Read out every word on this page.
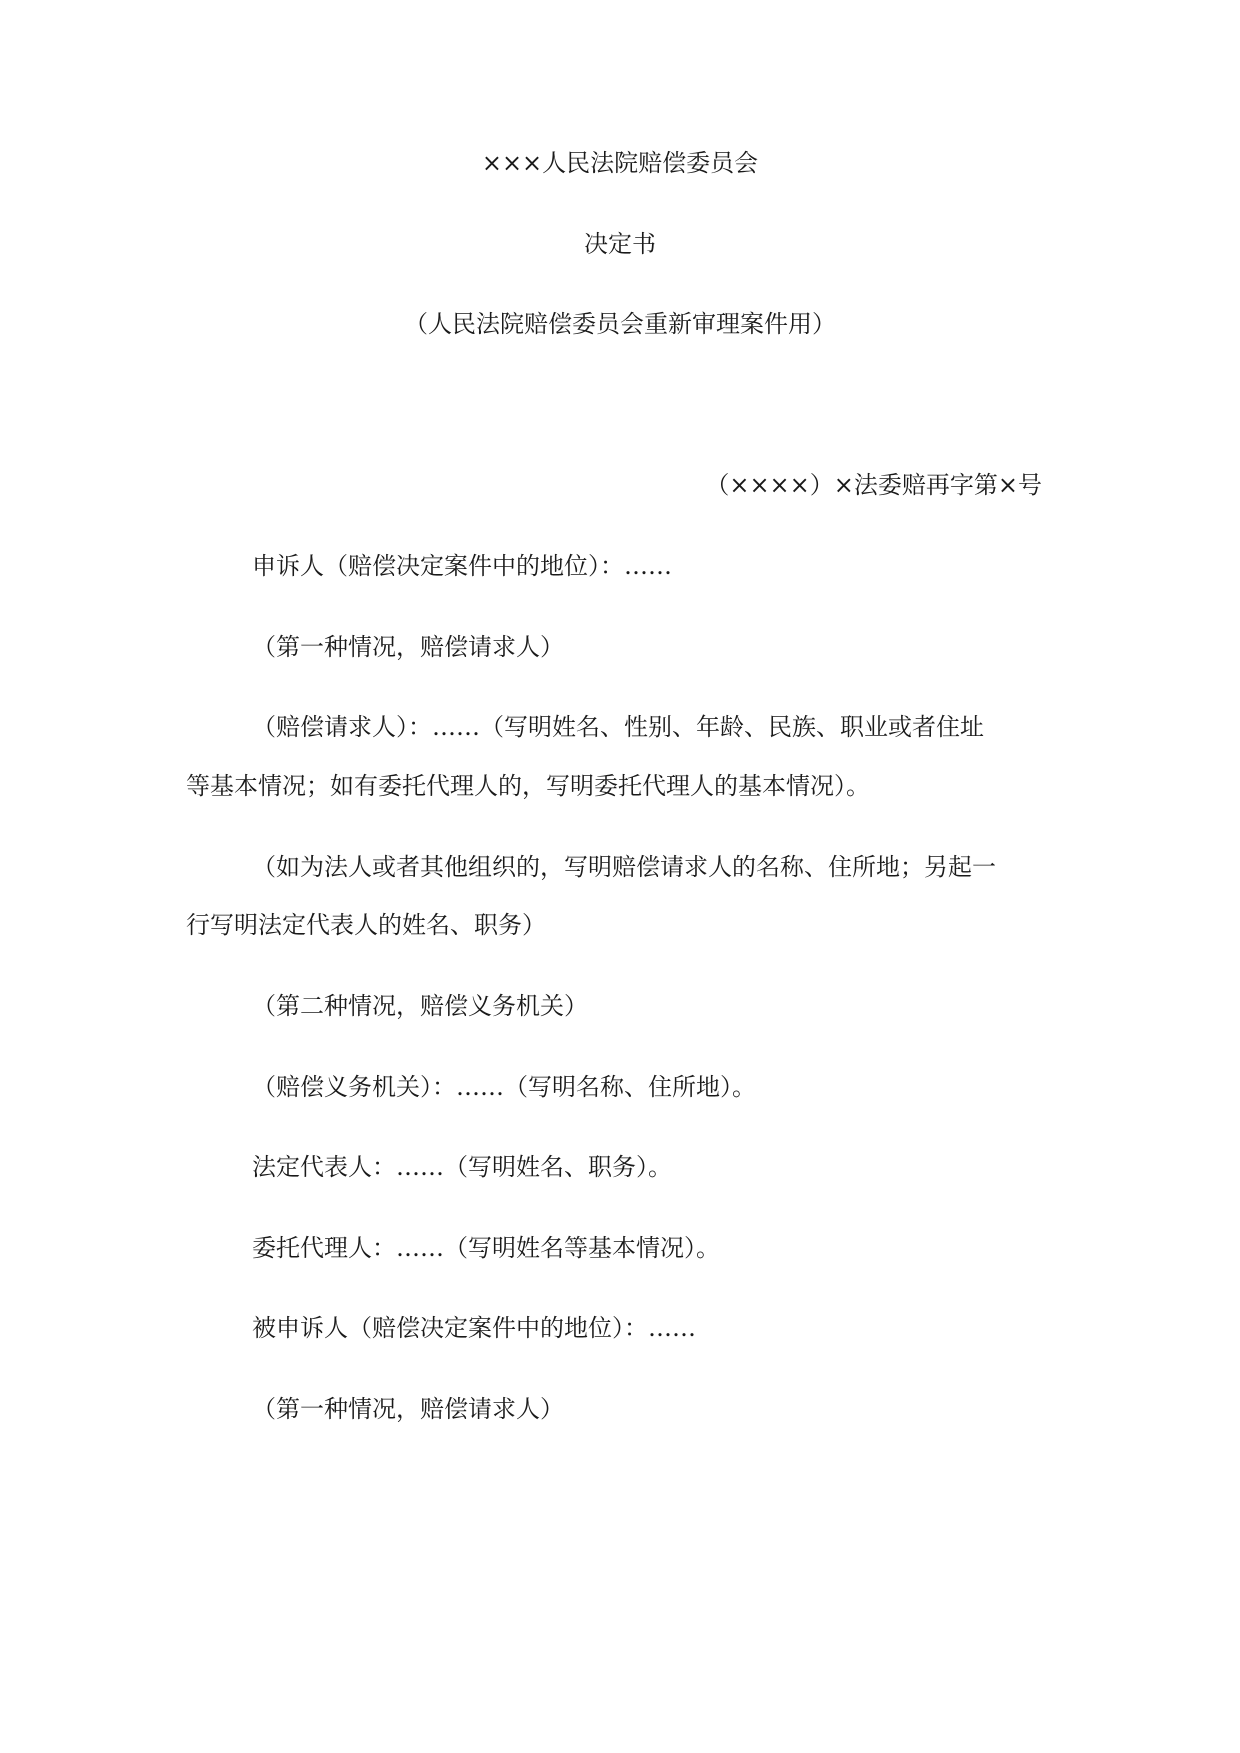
×××人民法院赔偿委员会
决定书
（人民法院赔偿委员会重新审理案件用）
（××××）×法委赔再字第×号
申诉人（赔偿决定案件中的地位）：……
（第一种情况，赔偿请求人）
（赔偿请求人）：……（写明姓名、性别、年龄、民族、职业或者住址
等基本情况；如有委托代理人的，写明委托代理人的基本情况）。
（如为法人或者其他组织的，写明赔偿请求人的名称、住所地；另起一
行写明法定代表人的姓名、职务）
（第二种情况，赔偿义务机关）
（赔偿义务机关）：……（写明名称、住所地）。
法定代表人：……（写明姓名、职务）。
委托代理人：……（写明姓名等基本情况）。
被申诉人（赔偿决定案件中的地位）：……
（第一种情况，赔偿请求人）
